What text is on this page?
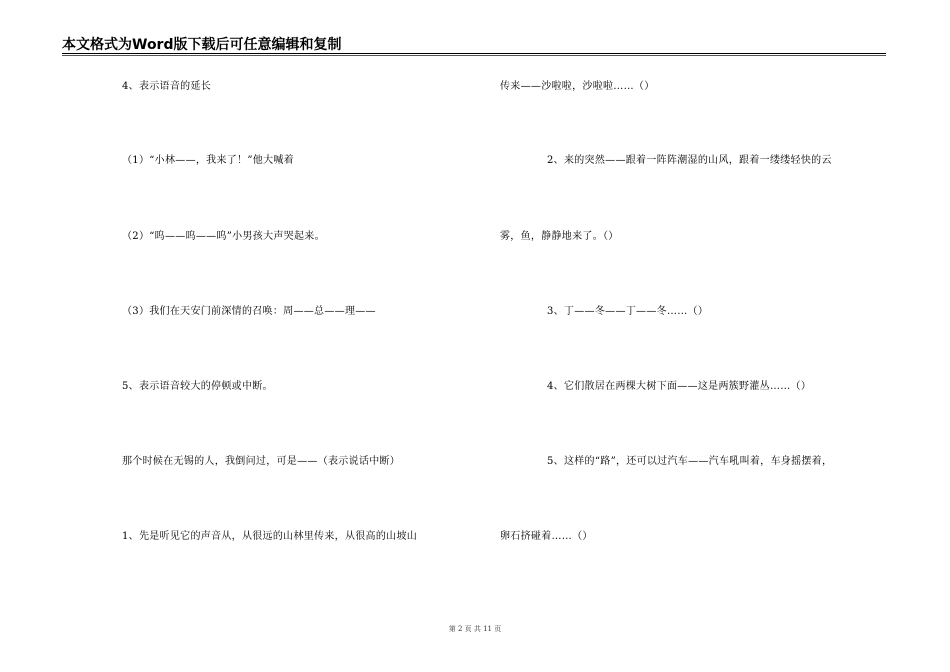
本文格式为Word版下载后可任意编辑和复制
4、表示语音的延长
（1）“小林——，我来了！”他大喊着
（2）“呜——呜——呜”小男孩大声哭起来。
（3）我们在天安门前深情的召唤：周——总——理——
5、表示语音较大的停顿或中断。
那个时候在无锡的人，我倒问过，可是——（表示说话中断）
1、先是听见它的声音从，从很远的山林里传来，从很高的山坡山
传来——沙啦啦，沙啦啦……（）
2、来的突然——跟着一阵阵潮湿的山风，跟着一缕缕轻快的云
雾，鱼，静静地来了。（）
3、丁——冬——丁——冬……（）
4、它们散居在两棵大树下面——这是两簇野灌丛……（）
5、这样的“路”，还可以过汽车——汽车吼叫着，车身摇摆着，
卵石挤碰着……（）
第 2 页 共 11 页
